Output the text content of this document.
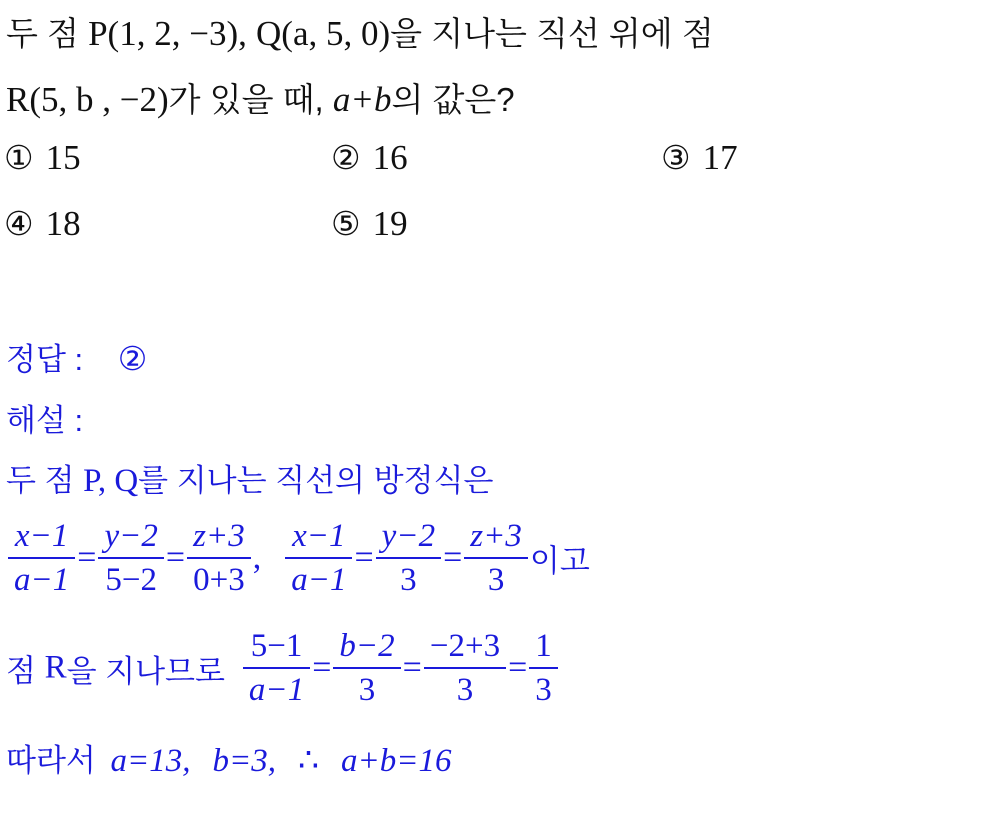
두 점 P(1, 2, −3), Q(a, 5, 0)을 지나는 직선 위에 점
R(5, b , −2)가 있을 때, a+b의 값은?
① 15	② 16	③ 17
④ 18	⑤ 19
정답 : ②
해설 :
두 점 P, Q를 지나는 직선의 방정식은
$\frac{x-1}{a-1} = \frac{y-2}{5-2} = \frac{z+3}{0+3}$ , $\frac{x-1}{a-1} = \frac{y-2}{3} = \frac{z+3}{3}$ 이고
점 R을 지나므로 $\frac{5-1}{a-1} = \frac{b-2}{3} = \frac{-2+3}{3} = \frac{1}{3}$
따라서 a=13, b=3, ∴ a+b=16
